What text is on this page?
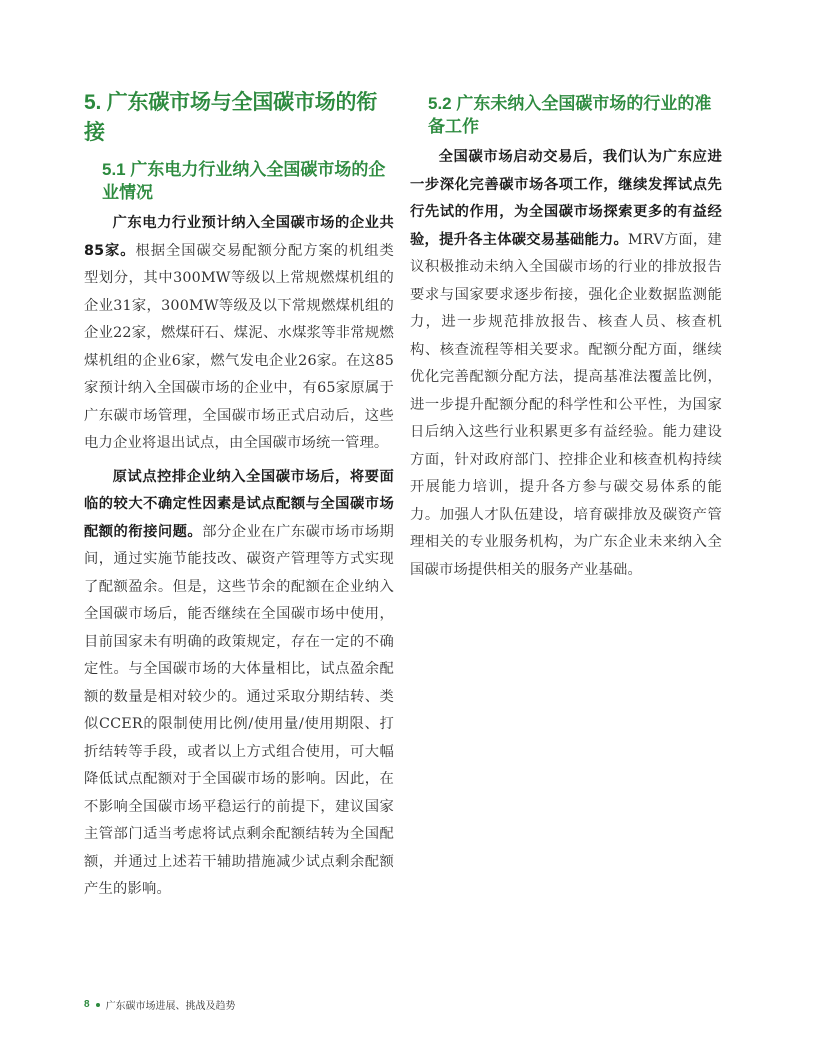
5. 广东碳市场与全国碳市场的衔接
5.1 广东电力行业纳入全国碳市场的企业情况

广东电力行业预计纳入全国碳市场的企业共85家。根据全国碳交易配额分配方案的机组类型划分，其中300MW等级以上常规燃煤机组的企业31家，300MW等级及以下常规燃煤机组的企业22家，燃煤矸石、煤泥、水煤浆等非常规燃煤机组的企业6家，燃气发电企业26家。在这85家预计纳入全国碳市场的企业中，有65家原属于广东碳市场管理，全国碳市场正式启动后，这些电力企业将退出试点，由全国碳市场统一管理。

原试点控排企业纳入全国碳市场后，将要面临的较大不确定性因素是试点配额与全国碳市场配额的衔接问题。部分企业在广东碳市场市场期间，通过实施节能技改、碳资产管理等方式实现了配额盈余。但是，这些节余的配额在企业纳入全国碳市场后，能否继续在全国碳市场中使用，目前国家未有明确的政策规定，存在一定的不确定性。与全国碳市场的大体量相比，试点盈余配额的数量是相对较少的。通过采取分期结转、类似CCER的限制使用比例/使用量/使用期限、打折结转等手段，或者以上方式组合使用，可大幅降低试点配额对于全国碳市场的影响。因此，在不影响全国碳市场平稳运行的前提下，建议国家主管部门适当考虑将试点剩余配额结转为全国配额，并通过上述若干辅助措施减少试点剩余配额产生的影响。

5.2 广东未纳入全国碳市场的行业的准备工作

全国碳市场启动交易后，我们认为广东应进一步深化完善碳市场各项工作，继续发挥试点先行先试的作用，为全国碳市场探索更多的有益经验，提升各主体碳交易基础能力。MRV方面，建议积极推动未纳入全国碳市场的行业的排放报告要求与国家要求逐步衔接，强化企业数据监测能力，进一步规范排放报告、核查人员、核查机构、核查流程等相关要求。配额分配方面，继续优化完善配额分配方法，提高基准法覆盖比例，进一步提升配额分配的科学性和公平性，为国家日后纳入这些行业积累更多有益经验。能力建设方面，针对政府部门、控排企业和核查机构持续开展能力培训，提升各方参与碳交易体系的能力。加强人才队伍建设，培育碳排放及碳资产管理相关的专业服务机构，为广东企业未来纳入全国碳市场提供相关的服务产业基础。

8 广东碳市场进展、挑战及趋势
